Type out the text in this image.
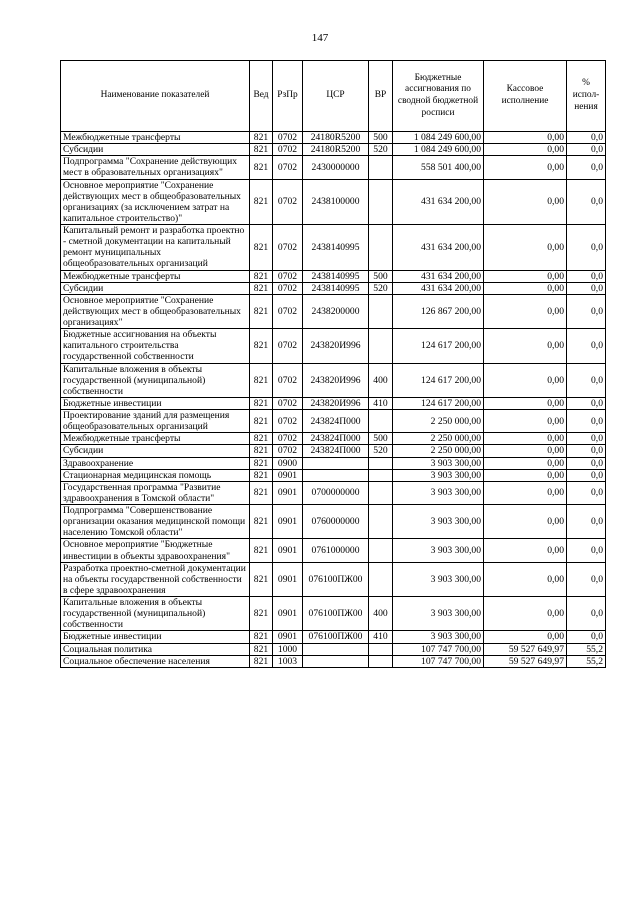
147
Наименование показателей	Вед	РзПр	ЦСР	ВР	Бюджетные ассигнования по сводной бюджетной росписи	Кассовое исполнение	% испол-нения
Межбюджетные трансферты	821	0702	24180R5200	500	1 084 249 600,00	0,00	0,0
Субсидии	821	0702	24180R5200	520	1 084 249 600,00	0,00	0,0
Подпрограмма "Сохранение действующих мест в образовательных организациях"	821	0702	2430000000		558 501 400,00	0,00	0,0
Основное мероприятие "Сохранение действующих мест в общеобразовательных организациях (за исключением затрат на капитальное строительство)"	821	0702	2438100000		431 634 200,00	0,00	0,0
Капитальный ремонт и разработка проектно - сметной документации на капитальный ремонт муниципальных общеобразовательных организаций	821	0702	2438140995		431 634 200,00	0,00	0,0
Межбюджетные трансферты	821	0702	2438140995	500	431 634 200,00	0,00	0,0
Субсидии	821	0702	2438140995	520	431 634 200,00	0,00	0,0
Основное мероприятие "Сохранение действующих мест в общеобразовательных организациях"	821	0702	2438200000		126 867 200,00	0,00	0,0
Бюджетные ассигнования на объекты капитального строительства государственной собственности	821	0702	243820И996		124 617 200,00	0,00	0,0
Капитальные вложения в объекты государственной (муниципальной) собственности	821	0702	243820И996	400	124 617 200,00	0,00	0,0
Бюджетные инвестиции	821	0702	243820И996	410	124 617 200,00	0,00	0,0
Проектирование зданий для размещения общеобразовательных организаций	821	0702	243824П000		2 250 000,00	0,00	0,0
Межбюджетные трансферты	821	0702	243824П000	500	2 250 000,00	0,00	0,0
Субсидии	821	0702	243824П000	520	2 250 000,00	0,00	0,0
Здравоохранение	821	0900			3 903 300,00	0,00	0,0
Стационарная медицинская помощь	821	0901			3 903 300,00	0,00	0,0
Государственная программа "Развитие здравоохранения в Томской области"	821	0901	0700000000		3 903 300,00	0,00	0,0
Подпрограмма "Совершенствование организации оказания медицинской помощи населению Томской области"	821	0901	0760000000		3 903 300,00	0,00	0,0
Основное мероприятие "Бюджетные инвестиции в объекты здравоохранения"	821	0901	0761000000		3 903 300,00	0,00	0,0
Разработка проектно-сметной документации на объекты государственной собственности в сфере здравоохранения	821	0901	076100ПЖ00		3 903 300,00	0,00	0,0
Капитальные вложения в объекты государственной (муниципальной) собственности	821	0901	076100ПЖ00	400	3 903 300,00	0,00	0,0
Бюджетные инвестиции	821	0901	076100ПЖ00	410	3 903 300,00	0,00	0,0
Социальная политика	821	1000			107 747 700,00	59 527 649,97	55,2
Социальное обеспечение населения	821	1003			107 747 700,00	59 527 649,97	55,2
